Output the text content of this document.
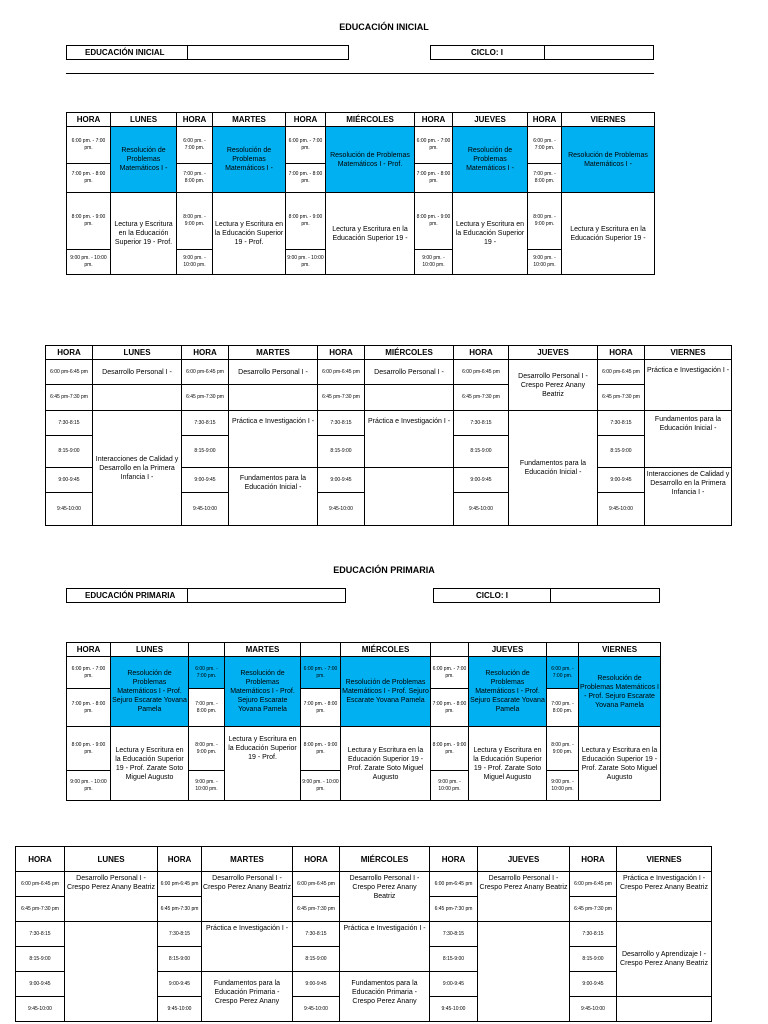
EDUCACIÓN INICIAL
EDUCACIÓN INICIAL	CICLO: I
HORA	LUNES	HORA	MARTES	HORA	MIÉRCOLES	HORA	JUEVES	HORA	VIERNES
6:00 pm. - 7:00 pm.	Resolución de Problemas Matemáticos I -	6:00 pm. - 7:00 pm.	Resolución de Problemas Matemáticos I -	6:00 pm. - 7:00 pm.	Resolución de Problemas Matemáticos I - Prof.	6:00 pm. - 7:00 pm.	Resolución de Problemas Matemáticos I -	6:00 pm. - 7:00 pm.	Resolución de Problemas Matemáticos I -
7:00 pm. - 8:00 pm.		7:00 pm. - 8:00 pm.		7:00 pm. - 8:00 pm.		7:00 pm. - 8:00 pm.		7:00 pm. - 8:00 pm.	
8:00 pm. - 9:00 pm.	Lectura y Escritura en la Educación Superior 19 - Prof.	8:00 pm. - 9:00 pm.	Lectura y Escritura en la Educación Superior 19 - Prof.	8:00 pm. - 9:00 pm.	Lectura y Escritura en la Educación Superior 19 -	8:00 pm. - 9:00 pm.	Lectura y Escritura en la Educación Superior 19 -	8:00 pm. - 9:00 pm.	Lectura y Escritura en la Educación Superior 19 -
9:00 pm. - 10:00 pm.		9:00 pm. - 10:00 pm.		9:00 pm. - 10:00 pm.		9:00 pm. - 10:00 pm.		9:00 pm. - 10:00 pm.	
HORA	LUNES	HORA	MARTES	HORA	MIÉRCOLES	HORA	JUEVES	HORA	VIERNES
6:00 pm-6:45 pm	Desarrollo Personal I -	6:00 pm-6:45 pm	Desarrollo Personal I -	6:00 pm-6:45 pm	Desarrollo Personal I -	6:00 pm-6:45 pm	Desarrollo Personal I - Crespo Perez Anany Beatriz	6:00 pm-6:45 pm	Práctica e Investigación I -
6:45 pm-7:30 pm		6:45 pm-7:30 pm		6:45 pm-7:30 pm		6:45 pm-7:30 pm		6:45 pm-7:30 pm	
7:30-8:15	Interacciones de Calidad y Desarrollo en la Primera Infancia I -	7:30-8:15	Práctica e Investigación I -	7:30-8:15	Práctica e Investigación I -	7:30-8:15	Fundamentos para la Educación Inicial -	7:30-8:15	Fundamentos para la Educación Inicial -
8:15-9:00		8:15-9:00		8:15-9:00		8:15-9:00		8:15-9:00	
9:00-9:45		9:00-9:45	Fundamentos para la Educación Inicial -	9:00-9:45		9:00-9:45		9:00-9:45	Interacciones de Calidad y Desarrollo en la Primera Infancia I -
9:45-10:00		9:45-10:00		9:45-10:00		9:45-10:00		9:45-10:00	
EDUCACIÓN PRIMARIA
EDUCACIÓN PRIMARIA	CICLO: I
HORA	LUNES		MARTES		MIÉRCOLES		JUEVES		VIERNES
6:00 pm. - 7:00 pm.	Resolución de Problemas Matemáticos I - Prof. Sejuro Escarate Yovana Pamela	6:00 pm. - 7:00 pm.	Resolución de Problemas Matemáticos I - Prof. Sejuro Escarate Yovana Pamela	6:00 pm. - 7:00 pm.	Resolución de Problemas Matemáticos I - Prof. Sejuro Escarate Yovana Pamela	6:00 pm. - 7:00 pm.	Resolución de Problemas Matemáticos I - Prof. Sejuro Escarate Yovana Pamela	6:00 pm. - 7:00 pm.	Resolución de Problemas Matemáticos I - Prof. Sejuro Escarate Yovana Pamela
7:00 pm. - 8:00 pm.		7:00 pm. - 8:00 pm.		7:00 pm. - 8:00 pm.		7:00 pm. - 8:00 pm.		7:00 pm. - 8:00 pm.	
8:00 pm. - 9:00 pm.	Lectura y Escritura en la Educación Superior 19 - Prof. Zarate Soto Miguel Augusto	8:00 pm. - 9:00 pm.	Lectura y Escritura en la Educación Superior 19 - Prof.	8:00 pm. - 9:00 pm.	Lectura y Escritura en la Educación Superior 19 - Prof. Zarate Soto Miguel Augusto	8:00 pm. - 9:00 pm.	Lectura y Escritura en la Educación Superior 19 - Prof. Zarate Soto Miguel Augusto	8:00 pm. - 9:00 pm.	Lectura y Escritura en la Educación Superior 19 - Prof. Zarate Soto Miguel Augusto
9:00 pm. - 10:00 pm.		9:00 pm. - 10:00 pm.		9:00 pm. - 10:00 pm.		9:00 pm. - 10:00 pm.		9:00 pm. - 10:00 pm.	
HORA	LUNES	HORA	MARTES	HORA	MIÉRCOLES	HORA	JUEVES	HORA	VIERNES
6:00 pm-6:45 pm	Desarrollo Personal I - Crespo Perez Anany Beatriz	6:00 pm-6:45 pm	Desarrollo Personal I - Crespo Perez Anany Beatriz	6:00 pm-6:45 pm	Desarrollo Personal I - Crespo Perez Anany Beatriz	6:00 pm-6:45 pm	Desarrollo Personal I - Crespo Perez Anany Beatriz	6:00 pm-6:45 pm	Práctica e Investigación I - Crespo Perez Anany Beatriz
6:45 pm-7:30 pm		6:45 pm-7:30 pm		6:45 pm-7:30 pm		6:45 pm-7:30 pm		6:45 pm-7:30 pm	
7:30-8:15		7:30-8:15	Práctica e Investigación I -	7:30-8:15	Práctica e Investigación I -	7:30-8:15		7:30-8:15	Desarrollo y Aprendizaje I - Crespo Perez Anany Beatriz
8:15-9:00		8:15-9:00		8:15-9:00		8:15-9:00		8:15-9:00	
9:00-9:45		9:00-9:45	Fundamentos para la Educación Primaria - Crespo Perez Anany	9:00-9:45	Fundamentos para la Educación Primaria - Crespo Perez Anany	9:00-9:45		9:00-9:45	
9:45-10:00		9:45-10:00		9:45-10:00		9:45-10:00		9:45-10:00	
